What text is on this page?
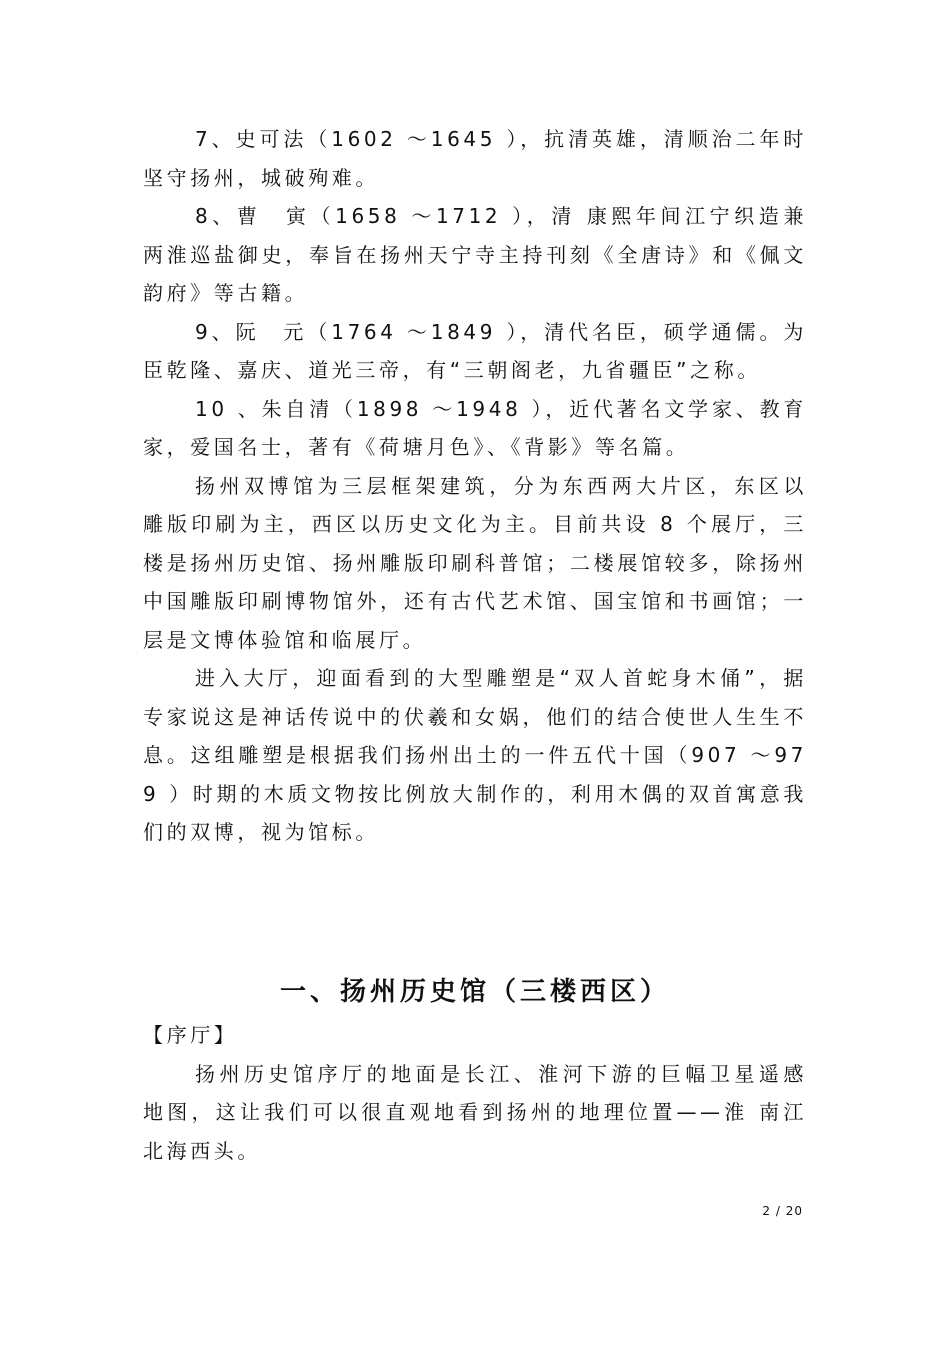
7、史可法（1602 ～1645 ），抗清英雄，清顺治二年时坚守扬州，城破殉难。

8、曹　寅（1658 ～1712 ），清 康熙年间江宁织造兼两淮巡盐御史，奉旨在扬州天宁寺主持刊刻《全唐诗》和《佩文韵府》等古籍。

9、阮　元（1764 ～1849 ），清代名臣，硕学通儒。为臣乾隆、嘉庆、道光三帝，有“三朝阁老，九省疆臣”之称。

10 、朱自清（1898 ～1948 ），近代著名文学家、教育家，爱国名士，著有《荷塘月色》、《背影》等名篇。

扬州双博馆为三层框架建筑，分为东西两大片区，东区以雕版印刷为主，西区以历史文化为主。目前共设 8 个展厅，三楼是扬州历史馆、扬州雕版印刷科普馆；二楼展馆较多，除扬州中国雕版印刷博物馆外，还有古代艺术馆、国宝馆和书画馆；一层是文博体验馆和临展厅。

进入大厅，迎面看到的大型雕塑是“双人首蛇身木俑”，据专家说这是神话传说中的伏羲和女娲，他们的结合使世人生生不息。这组雕塑是根据我们扬州出土的一件五代十国（907 ～979 ）时期的木质文物按比例放大制作的，利用木偶的双首寓意我们的双博，视为馆标。

一、扬州历史馆（三楼西区）

【序厅】

扬州历史馆序厅的地面是长江、淮河下游的巨幅卫星遥感地图，这让我们可以很直观地看到扬州的地理位置——淮 南江北海西头。

2 / 20
